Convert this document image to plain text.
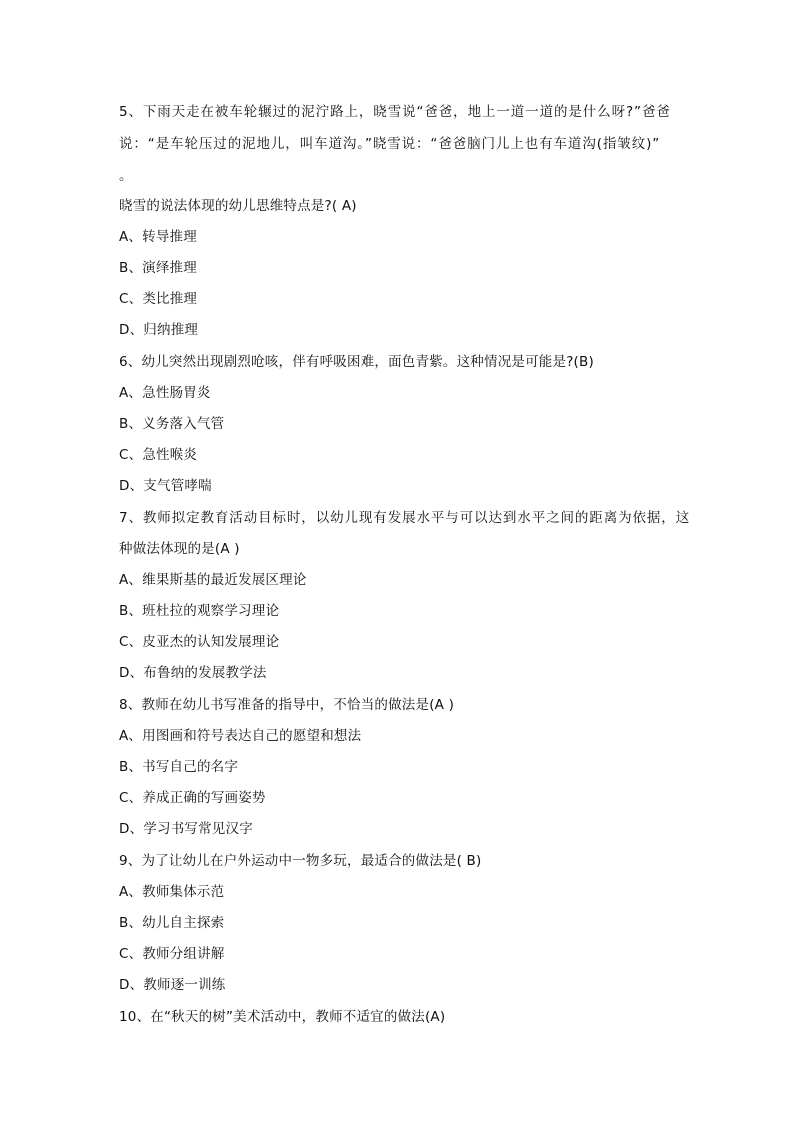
5、下雨天走在被车轮辗过的泥泞路上，晓雪说“爸爸，地上一道一道的是什么呀?”爸爸
说：“是车轮压过的泥地儿，叫车道沟。”晓雪说：“爸爸脑门儿上也有车道沟(指皱纹)”
。
晓雪的说法体现的幼儿思维特点是?( A)
A、转导推理
B、演绎推理
C、类比推理
D、归纳推理
6、幼儿突然出现剧烈呛咳，伴有呼吸困难，面色青紫。这种情况是可能是?(B)
A、急性肠胃炎
B、义务落入气管
C、急性喉炎
D、支气管哮喘
7、教师拟定教育活动目标时，以幼儿现有发展水平与可以达到水平之间的距离为依据，这
种做法体现的是(A )
A、维果斯基的最近发展区理论
B、班杜拉的观察学习理论
C、皮亚杰的认知发展理论
D、布鲁纳的发展教学法
8、教师在幼儿书写准备的指导中，不恰当的做法是(A )
A、用图画和符号表达自己的愿望和想法
B、书写自己的名字
C、养成正确的写画姿势
D、学习书写常见汉字
9、为了让幼儿在户外运动中一物多玩，最适合的做法是( B)
A、教师集体示范
B、幼儿自主探索
C、教师分组讲解
D、教师逐一训练
10、在“秋天的树”美术活动中，教师不适宜的做法(A)
